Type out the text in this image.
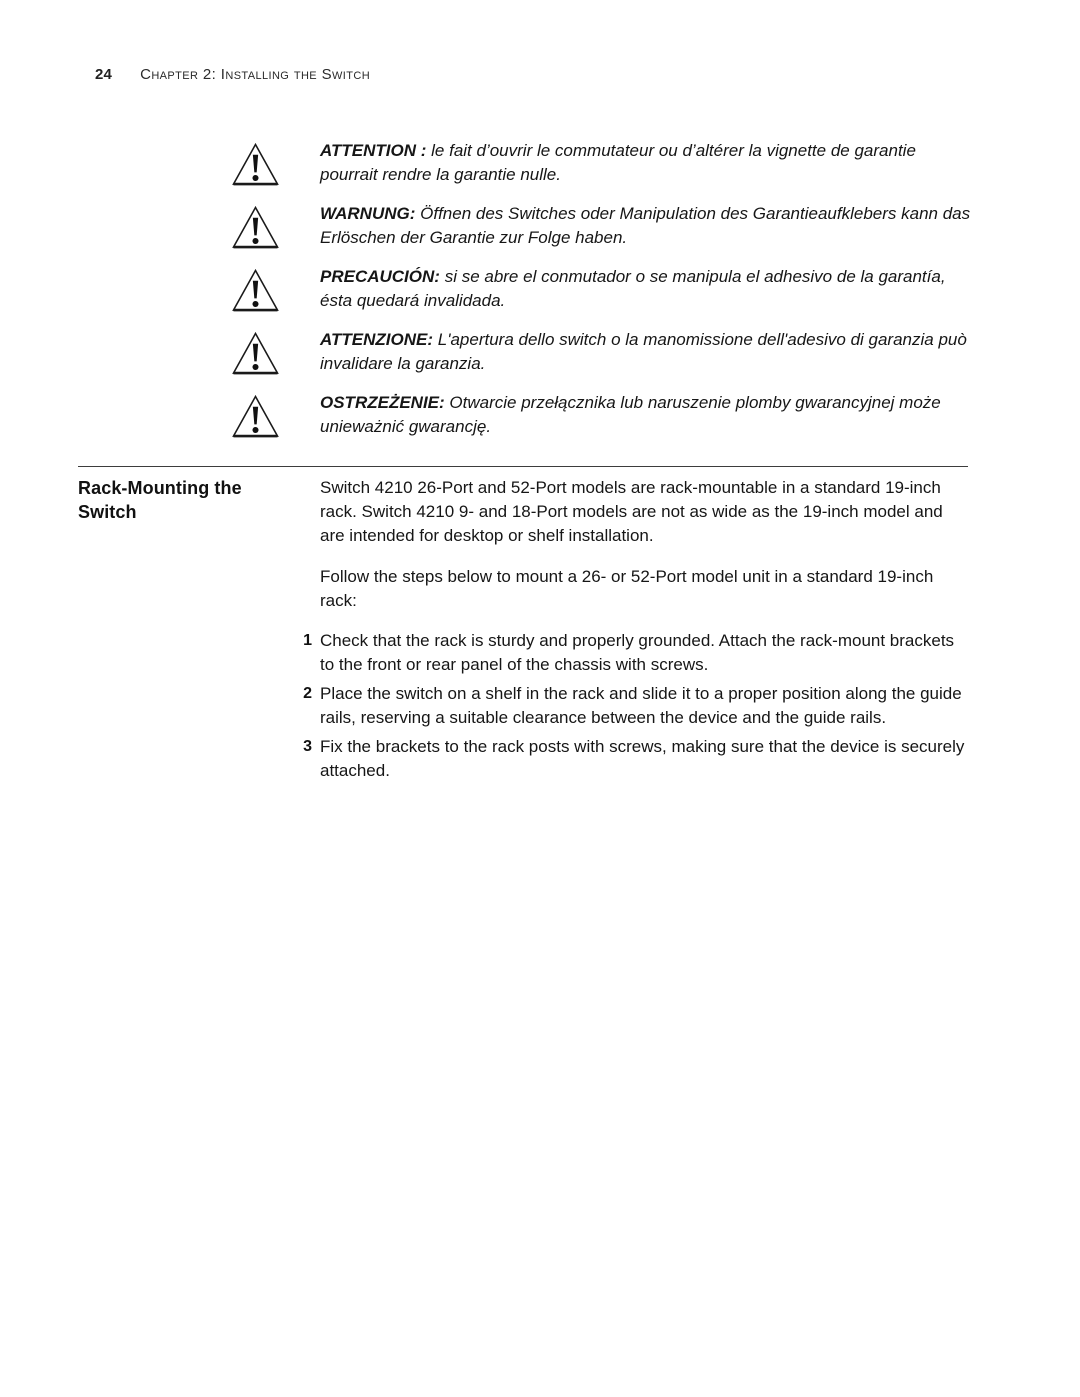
24 Chapter 2: Installing the Switch

ATTENTION : le fait d’ouvrir le commutateur ou d’altérer la vignette de garantie pourrait rendre la garantie nulle.

WARNUNG: Öffnen des Switches oder Manipulation des Garantieaufklebers kann das Erlöschen der Garantie zur Folge haben.

PRECAUCIÓN: si se abre el conmutador o se manipula el adhesivo de la garantía, ésta quedará invalidada.

ATTENZIONE: L'apertura dello switch o la manomissione dell'adesivo di garanzia può invalidare la garanzia.

OSTRZEŻENIE: Otwarcie przełącznika lub naruszenie plomby gwarancyjnej może unieważnić gwarancję.

Rack-Mounting the Switch

Switch 4210 26-Port and 52-Port models are rack-mountable in a standard 19-inch rack. Switch 4210 9- and 18-Port models are not as wide as the 19-inch model and are intended for desktop or shelf installation.

Follow the steps below to mount a 26- or 52-Port model unit in a standard 19-inch rack:

1 Check that the rack is sturdy and properly grounded. Attach the rack-mount brackets to the front or rear panel of the chassis with screws.
2 Place the switch on a shelf in the rack and slide it to a proper position along the guide rails, reserving a suitable clearance between the device and the guide rails.
3 Fix the brackets to the rack posts with screws, making sure that the device is securely attached.
